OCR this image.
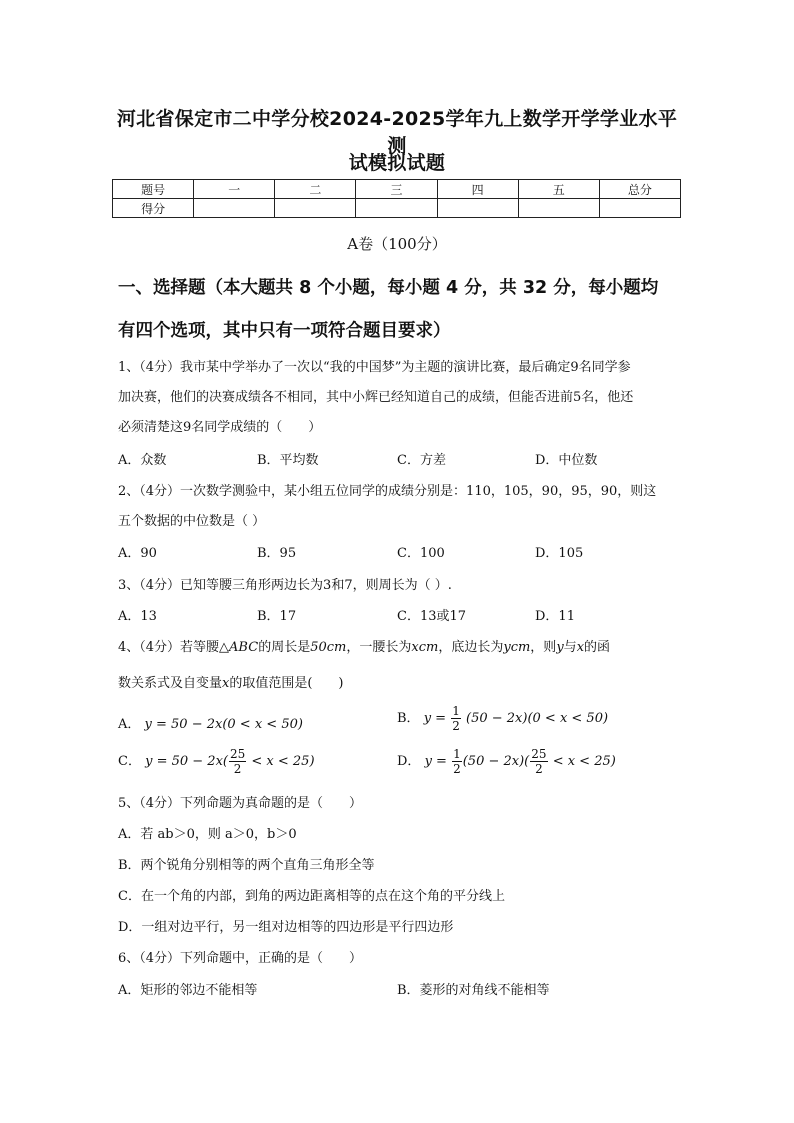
河北省保定市二中学分校2024-2025学年九上数学开学学业水平测
试模拟试题
题号	一	二	三	四	五	总分
得分						
A卷（100分）
一、选择题（本大题共 8 个小题，每小题 4 分，共 32 分，每小题均
有四个选项，其中只有一项符合题目要求）
1、（4分）我市某中学举办了一次以“我的中国梦”为主题的演讲比赛，最后确定9名同学参
加决赛，他们的决赛成绩各不相同，其中小辉已经知道自己的成绩，但能否进前5名，他还
必须清楚这9名同学成绩的（　　）
A．众数	B．平均数	C．方差	D．中位数
2、（4分）一次数学测验中，某小组五位同学的成绩分别是：110，105，90，95，90，则这
五个数据的中位数是（ ）
A．90	B．95	C．100	D．105
3、（4分）已知等腰三角形两边长为3和7，则周长为（ ）.
A．13	B．17	C．13或17	D．11
4、（4分）若等腰△ABC的周长是50cm，一腰长为xcm，底边长为ycm，则y与x的函
数关系式及自变量x的取值范围是(　　)
A． y = 50 − 2x(0 < x < 50)	B． $y = \frac{1}{2} (50 - 2x)(0 < x < 50)$
C． $y = 50 - 2x( \frac{25}{2} < x < 25)$	D． $y = \frac{1}{2} (50 - 2x)( \frac{25}{2} < x < 25)$
5、（4分）下列命题为真命题的是（　　）
A．若 ab＞0，则 a＞0，b＞0
B．两个锐角分别相等的两个直角三角形全等
C．在一个角的内部，到角的两边距离相等的点在这个角的平分线上
D．一组对边平行，另一组对边相等的四边形是平行四边形
6、（4分）下列命题中，正确的是（　　）
A．矩形的邻边不能相等	B．菱形的对角线不能相等
